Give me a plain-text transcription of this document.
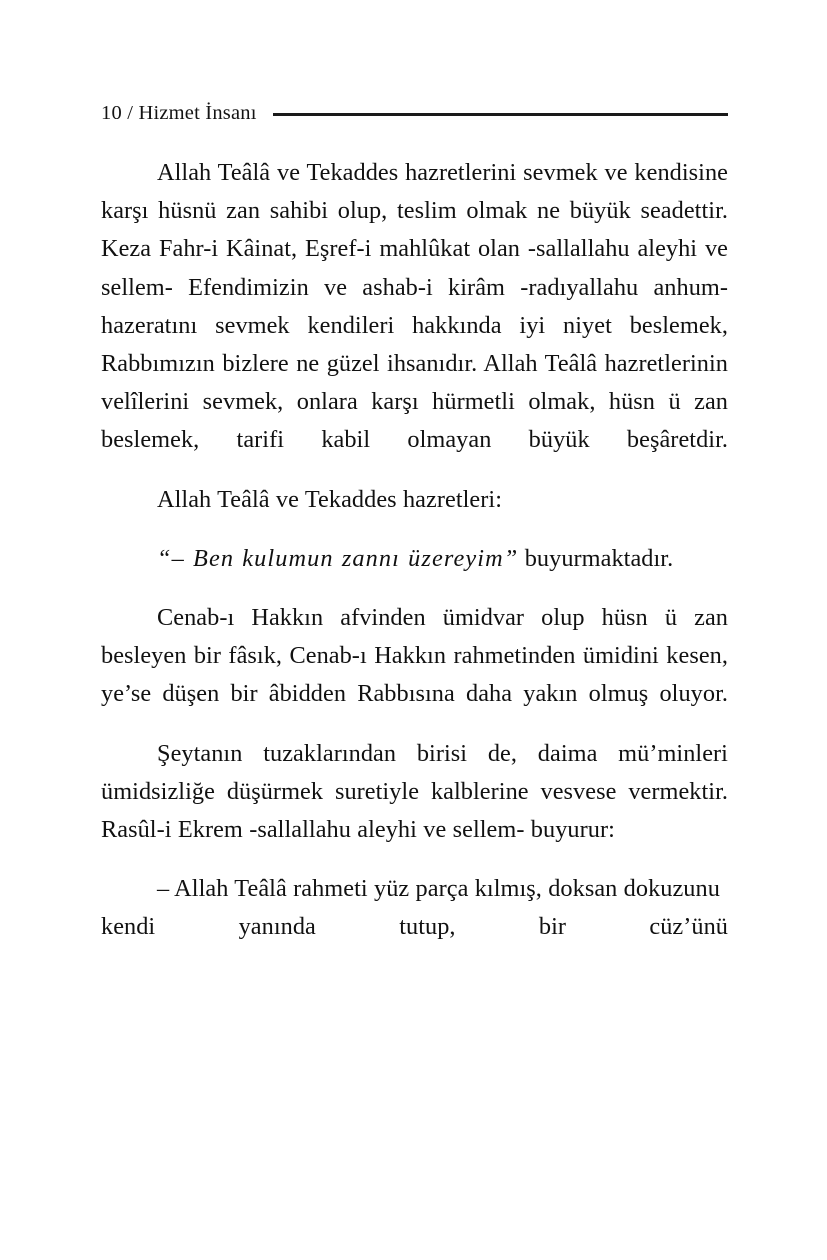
10 / Hizmet İnsanı

Allah Teâlâ ve Tekaddes hazretlerini sevmek ve kendisine karşı hüsnü zan sahibi olup, teslim olmak ne büyük seadettir. Keza Fahr-i Kâinat, Eşref-i mahlûkat olan -sallallahu aleyhi ve sellem- Efendimizin ve ashab-i kirâm -radıyallahu anhum- hazeratını sevmek kendileri hakkında iyi niyet beslemek, Rabbımızın bizlere ne güzel ihsanıdır. Allah Teâlâ hazretlerinin velîlerini sevmek, onlara karşı hürmetli olmak, hüsn ü zan beslemek, tarifi kabil olmayan büyük beşâretdir.

Allah Teâlâ ve Tekaddes hazretleri:

“– Ben kulumun zannı üzereyim” buyurmaktadır.

Cenab-ı Hakkın afvinden ümidvar olup hüsn ü zan besleyen bir fâsık, Cenab-ı Hakkın rahmetinden ümidini kesen, ye’se düşen bir âbidden Rabbısına daha yakın olmuş oluyor.

Şeytanın tuzaklarından birisi de, daima mü’minleri ümidsizliğe düşürmek suretiyle kalblerine vesvese vermektir. Rasûl-i Ekrem -sallallahu aleyhi ve sellem- buyurur:

– Allah Teâlâ rahmeti yüz parça kılmış, doksan dokuzunu kendi yanında tutup, bir cüz’ünü
